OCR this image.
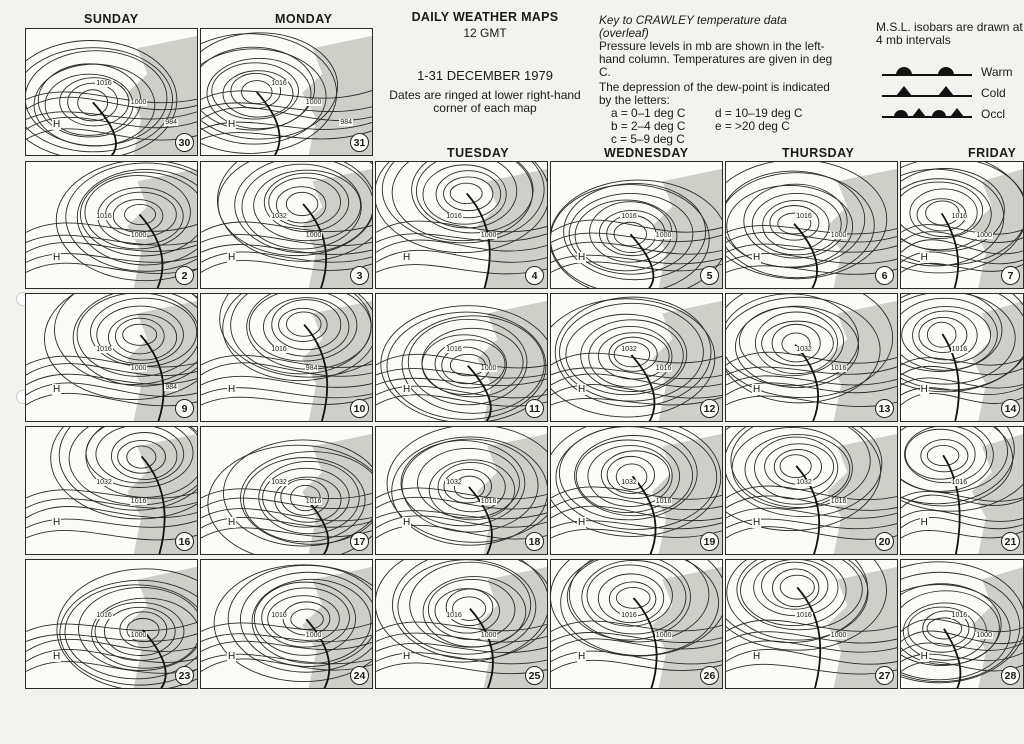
SUNDAY	MONDAY
TUESDAY	WEDNESDAY	THURSDAY	FRIDAY
DAILY WEATHER MAPS
12 GMT
1-31 DECEMBER 1979
Dates are ringed at lower right-hand corner of each map
Key to CRAWLEY temperature data (overleaf)
Pressure levels in mb are shown in the left-hand column. Temperatures are given in deg C.
The depression of the dew-point is indicated by the letters:
a = 0–1 deg C	d = 10–19 deg C
b = 2–4 deg C	e = >20 deg C
c = 5–9 deg C
M.S.L. isobars are drawn at 4 mb intervals
Warm
Cold
Occl
H
1016
1000
984
30
H
1016
1000
984
31
H
1016
1000
2
H
1032
1000
3
H
1016
1000
4
H
1016
1000
5
H
1016
1000
6
H
1016
1000
7
H
1016
1000
984
9
H
1016
984
10
H
1016
1000
11
H
1032
1016
12
H
1032
1016
13
H
1016
14
H
1032
1016
16
H
1032
1016
17
H
1032
1016
18
H
1032
1016
19
H
1032
1016
20
H
1016
21
H
1016
1000
23
H
1016
1000
24
H
1016
1000
25
H
1016
1000
26
H
1016
1000
27
H
1016
1000
28
